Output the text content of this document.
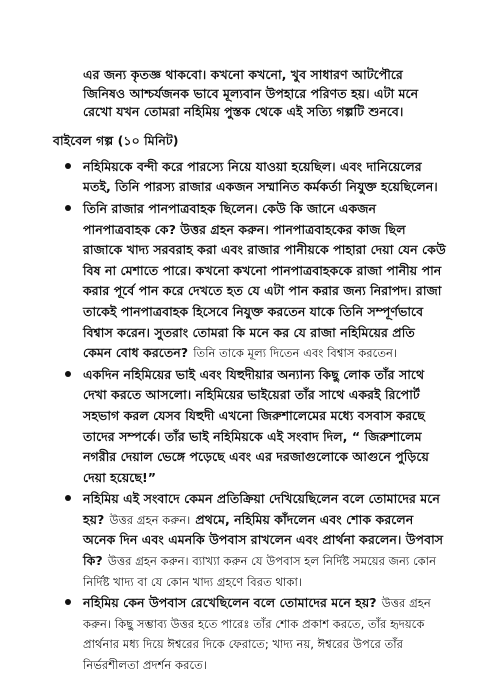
এর জন্য কৃতজ্ঞ থাকবো। কখনো কখনো, খুব সাধারণ আটপৌরে জিনিষও আশ্চর্যজনক ভাবে মূল্যবান উপহারে পরিণত হয়। এটা মনে রেখো যখন তোমরা নহিমিয় পুস্তক থেকে এই সত্যি গল্পটি শুনবে।

বাইবেল গল্প (১০ মিনিট)

নহিমিয়কে বন্দী করে পারস্যে নিয়ে যাওয়া হয়েছিল। এবং দানিয়েলের মতই, তিনি পারস্য রাজার একজন সম্মানিত কর্মকর্তা নিযুক্ত হয়েছিলেন।
তিনি রাজার পানপাত্রবাহক ছিলেন। কেউ কি জানে একজন পানপাত্রবাহক কে? উত্তর গ্রহন করুন। পানপাত্রবাহকের কাজ ছিল রাজাকে খাদ্য সরবরাহ করা এবং রাজার পানীয়কে পাহারা দেয়া যেন কেউ বিষ না মেশাতে পারে। কখনো কখনো পানপাত্রবাহককে রাজা পানীয় পান করার পূর্বে পান করে দেখতে হত যে এটা পান করার জন্য নিরাপদ। রাজা তাকেই পানপাত্রবাহক হিসেবে নিযুক্ত করতেন যাকে তিনি সম্পূর্ণভাবে বিশ্বাস করেন। সুতরাং তোমরা কি মনে কর যে রাজা নহিমিয়ের প্রতি কেমন বোধ করতেন? তিনি তাকে মূল্য দিতেন এবং বিশ্বাস করতেন।
একদিন নহিমিয়ের ভাই এবং যিহুদীয়ার অন্যান্য কিছু লোক তাঁর সাথে দেখা করতে আসলো। নহিমিয়ের ভাইয়েরা তাঁর সাথে একরই রিপোর্ট সহভাগ করল যেসব যিহুদী এখনো জিরুশালেমের মধ্যে বসবাস করছে তাদের সম্পর্কে। তাঁর ভাই নহিমিয়কে এই সংবাদ দিল, “ জিরুশালেম নগরীর দেয়াল ভেঙ্গে পড়েছে এবং এর দরজাগুলোকে আগুনে পুড়িয়ে দেয়া হয়েছে!”
নহিমিয় এই সংবাদে কেমন প্রতিক্রিয়া দেখিয়েছিলেন বলে তোমাদের মনে হয়? উত্তর গ্রহন করুন। প্রথমে, নহিমিয় কাঁদলেন এবং শোক করলেন অনেক দিন এবং এমনকি উপবাস রাখলেন এবং প্রার্থনা করলেন। উপবাস কি? উত্তর গ্রহন করুন। ব্যাখ্যা করুন যে উপবাস হল নির্দিষ্ট সময়ের জন্য কোন নির্দিষ্ট খাদ্য বা যে কোন খাদ্য গ্রহণে বিরত থাকা।
নহিমিয় কেন উপবাস রেখেছিলেন বলে তোমাদের মনে হয়? উত্তর গ্রহন করুন। কিছু সম্ভাব্য উত্তর হতে পারেঃ তাঁর শোক প্রকাশ করতে, তাঁর হৃদয়কে প্রার্থনার মধ্য দিয়ে ঈশ্বরের দিকে ফেরাতে; খাদ্য নয়, ঈশ্বরের উপরে তাঁর নির্ভরশীলতা প্রদর্শন করতে।
